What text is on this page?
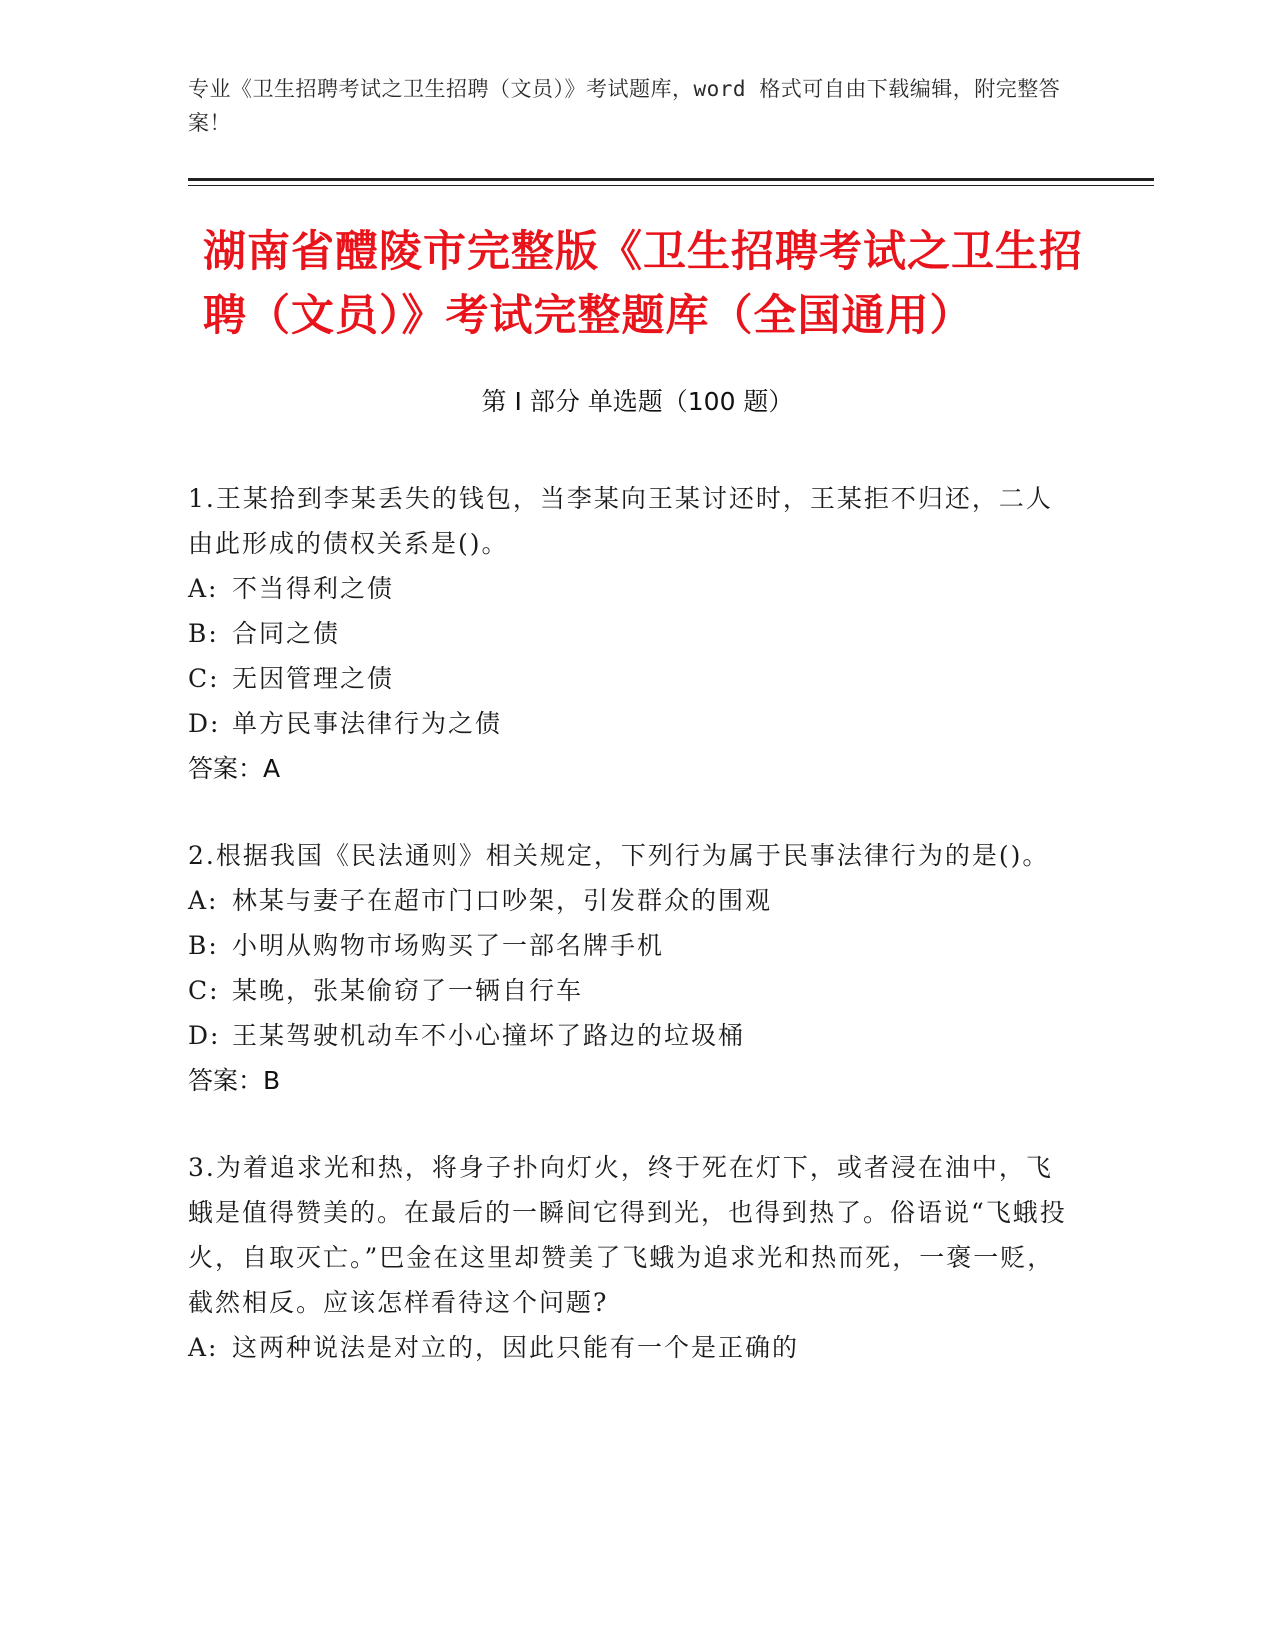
专业《卫生招聘考试之卫生招聘（文员）》考试题库，word 格式可自由下载编辑，附完整答案！
湖南省醴陵市完整版《卫生招聘考试之卫生招聘（文员）》考试完整题库（全国通用）
第 I 部分 单选题（100 题）

1.王某拾到李某丢失的钱包，当李某向王某讨还时，王某拒不归还，二人由此形成的债权关系是()。

A: 不当得利之债
B: 合同之债
C: 无因管理之债
D: 单方民事法律行为之债
答案：A

2.根据我国《民法通则》相关规定，下列行为属于民事法律行为的是()。

A: 林某与妻子在超市门口吵架，引发群众的围观
B: 小明从购物市场购买了一部名牌手机
C: 某晚，张某偷窃了一辆自行车
D: 王某驾驶机动车不小心撞坏了路边的垃圾桶
答案：B

3.为着追求光和热，将身子扑向灯火，终于死在灯下，或者浸在油中，飞蛾是值得赞美的。在最后的一瞬间它得到光，也得到热了。俗语说“飞蛾投火，自取灭亡。”巴金在这里却赞美了飞蛾为追求光和热而死，一褒一贬，截然相反。应该怎样看待这个问题?

A: 这两种说法是对立的，因此只能有一个是正确的
